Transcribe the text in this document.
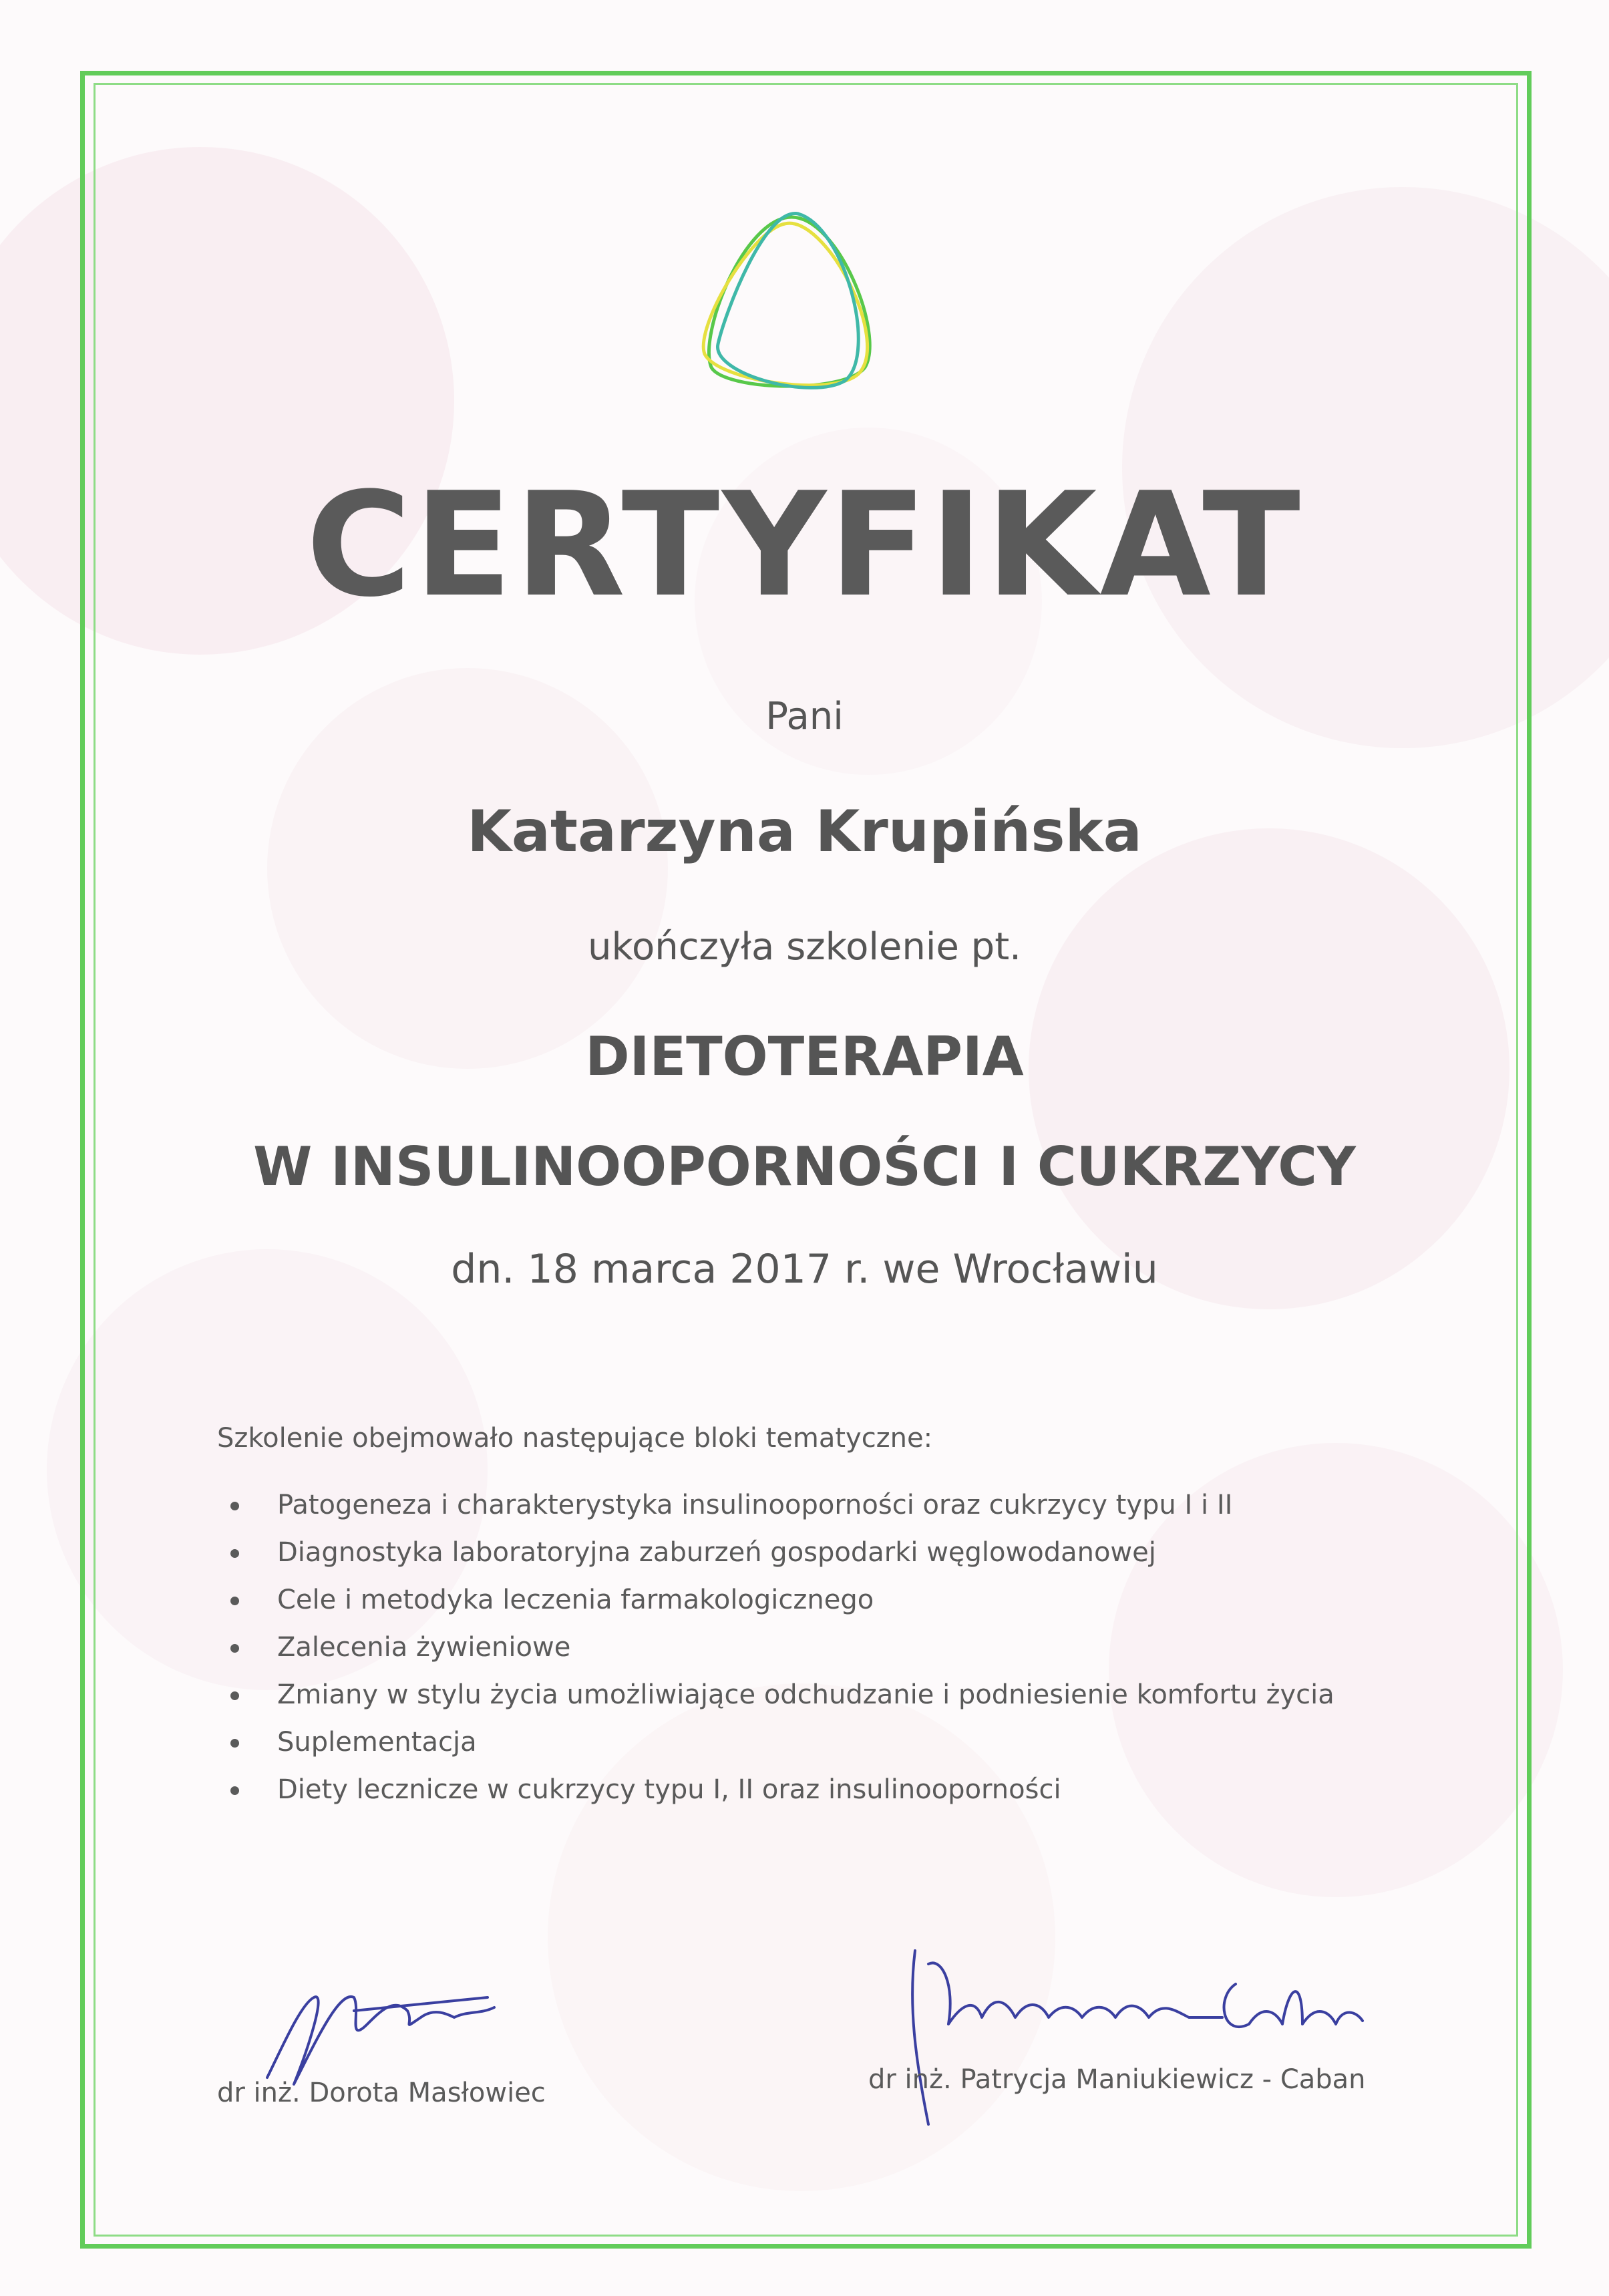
CERTYFIKAT
Pani
Katarzyna Krupińska
ukończyła szkolenie pt.
DIETOTERAPIA
W INSULINOOPORNOŚCI I CUKRZYCY
dn. 18 marca 2017 r. we Wrocławiu
Szkolenie obejmowało następujące bloki tematyczne:
Patogeneza i charakterystyka insulinooporności oraz cukrzycy typu I i II
Diagnostyka laboratoryjna zaburzeń gospodarki węglowodanowej
Cele i metodyka leczenia farmakologicznego
Zalecenia żywieniowe
Zmiany w stylu życia umożliwiające odchudzanie i podniesienie komfortu życia
Suplementacja
Diety lecznicze w cukrzycy typu I, II oraz insulinooporności
dr inż. Dorota Masłowiec	dr inż. Patrycja Maniukiewicz - Caban
